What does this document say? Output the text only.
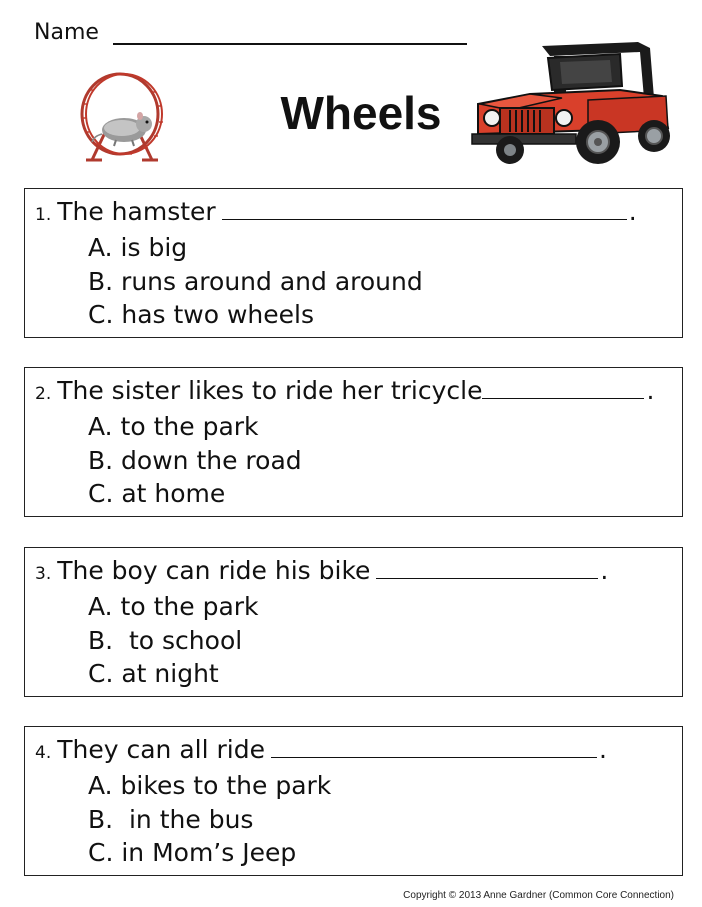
Name
Wheels
1. The hamster	.
A. is big
B. runs around and around
C. has two wheels
2. The sister likes to ride her tricycle	.
A. to the park
B. down the road
C. at home
3. The boy can ride his bike	.
A. to the park
B.  to school
C. at night
4. They can all ride	.
A. bikes to the park
B.  in the bus
C. in Mom’s Jeep
Copyright © 2013 Anne Gardner (Common Core Connection)
